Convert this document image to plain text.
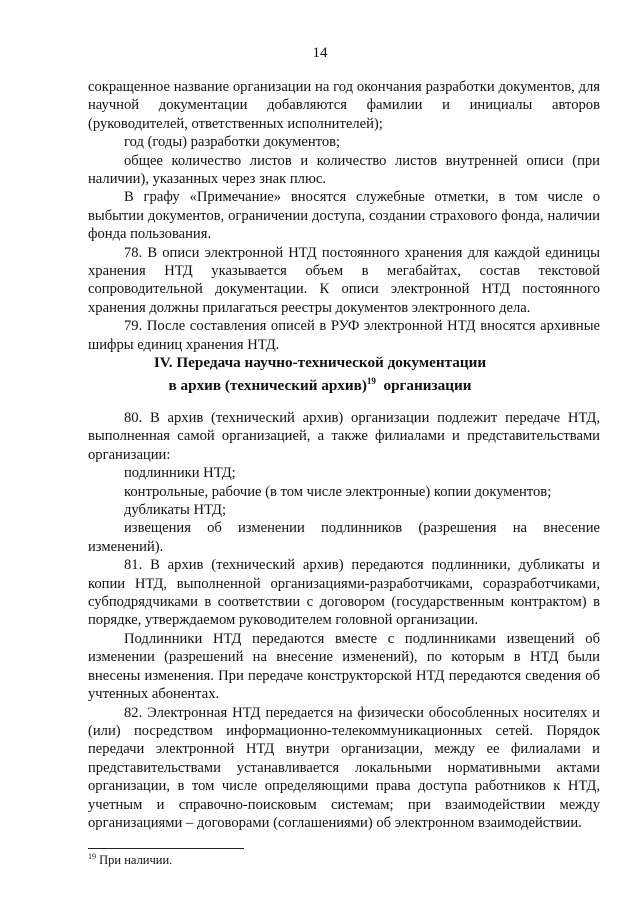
14

сокращенное название организации на год окончания разработки документов, для научной документации добавляются фамилии и инициалы авторов (руководителей, ответственных исполнителей);

год (годы) разработки документов;

общее количество листов и количество листов внутренней описи (при наличии), указанных через знак плюс.

В графу «Примечание» вносятся служебные отметки, в том числе о выбытии документов, ограничении доступа, создании страхового фонда, наличии фонда пользования.

78. В описи электронной НТД постоянного хранения для каждой единицы хранения НТД указывается объем в мегабайтах, состав текстовой сопроводительной документации. К описи электронной НТД постоянного хранения должны прилагаться реестры документов электронного дела.

79. После составления описей в РУФ электронной НТД вносятся архивные шифры единиц хранения НТД.

IV. Передача научно-технической документации
в архив (технический архив)$^{19}$ организации

80. В архив (технический архив) организации подлежит передаче НТД, выполненная самой организацией, а также филиалами и представительствами организации:

подлинники НТД;

контрольные, рабочие (в том числе электронные) копии документов;

дубликаты НТД;

извещения об изменении подлинников (разрешения на внесение изменений).

81. В архив (технический архив) передаются подлинники, дубликаты и копии НТД, выполненной организациями-разработчиками, соразработчиками, субподрядчиками в соответствии с договором (государственным контрактом) в порядке, утверждаемом руководителем головной организации.

Подлинники НТД передаются вместе с подлинниками извещений об изменении (разрешений на внесение изменений), по которым в НТД были внесены изменения. При передаче конструкторской НТД передаются сведения об учтенных абонентах.

82. Электронная НТД передается на физически обособленных носителях и (или) посредством информационно-телекоммуникационных сетей. Порядок передачи электронной НТД внутри организации, между ее филиалами и представительствами устанавливается локальными нормативными актами организации, в том числе определяющими права доступа работников к НТД, учетным и справочно-поисковым системам; при взаимодействии между организациями – договорами (соглашениями) об электронном взаимодействии.

$^{19}$ При наличии.
